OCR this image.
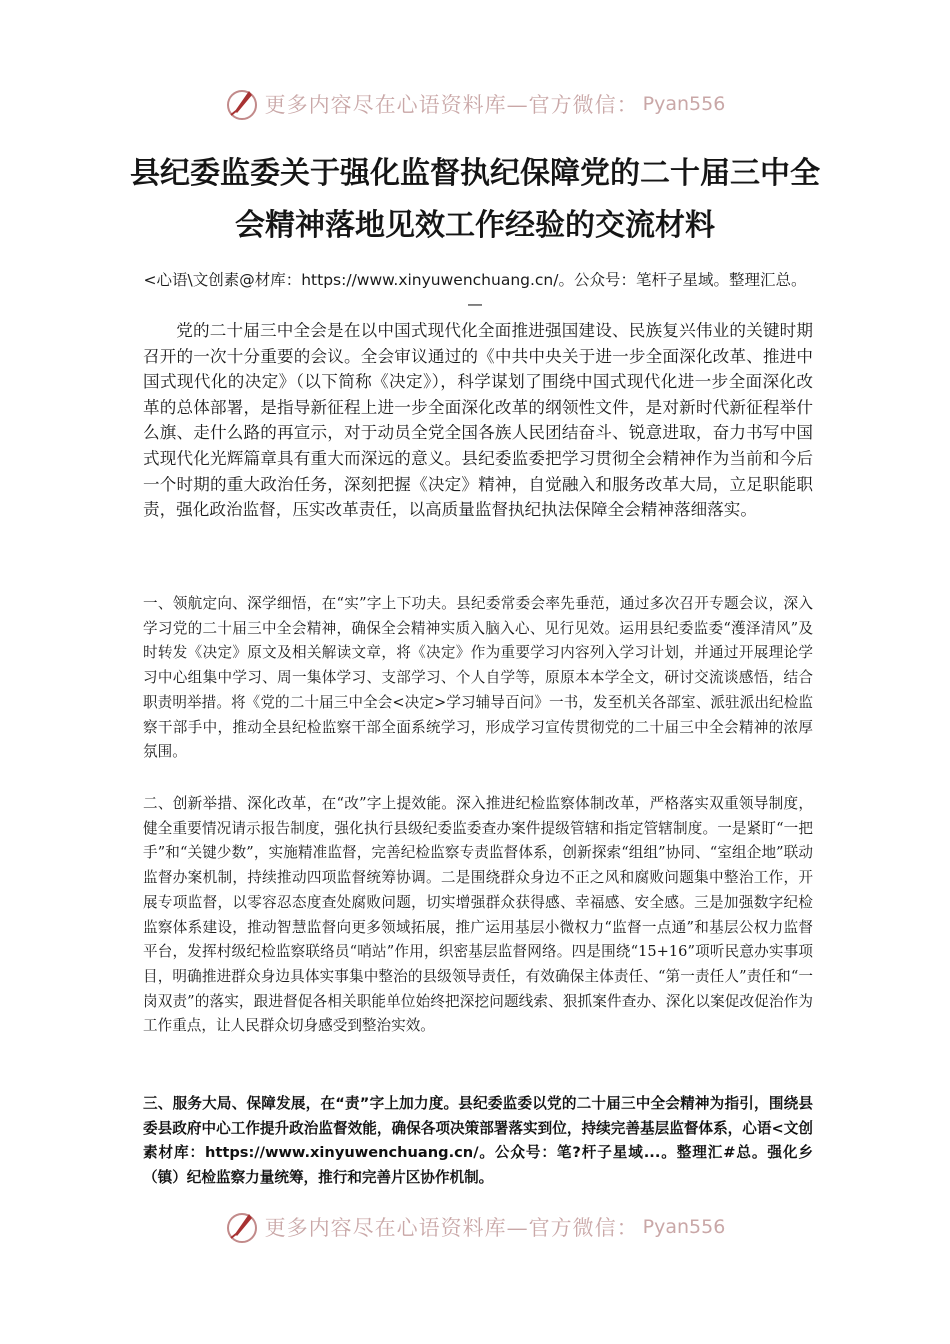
更多内容尽在心语资料库—官方微信： Pyan556
县纪委监委关于强化监督执纪保障党的二十届三中全会精神落地见效工作经验的交流材料
<心语\文创素@材库：https://www.xinyuwenchuang.cn/。公众号：笔杆子星域。整理汇总。—

党的二十届三中全会是在以中国式现代化全面推进强国建设、民族复兴伟业的关键时期召开的一次十分重要的会议。全会审议通过的《中共中央关于进一步全面深化改革、推进中国式现代化的决定》（以下简称《决定》），科学谋划了围绕中国式现代化进一步全面深化改革的总体部署，是指导新征程上进一步全面深化改革的纲领性文件，是对新时代新征程举什么旗、走什么路的再宣示，对于动员全党全国各族人民团结奋斗、锐意进取，奋力书写中国式现代化光辉篇章具有重大而深远的意义。县纪委监委把学习贯彻全会精神作为当前和今后一个时期的重大政治任务，深刻把握《决定》精神，自觉融入和服务改革大局，立足职能职责，强化政治监督，压实改革责任，以高质量监督执纪执法保障全会精神落细落实。

一、领航定向、深学细悟，在“实”字上下功夫。县纪委常委会率先垂范，通过多次召开专题会议，深入学习党的二十届三中全会精神，确保全会精神实质入脑入心、见行见效。运用县纪委监委“濩泽清风”及时转发《决定》原文及相关解读文章，将《决定》作为重要学习内容列入学习计划，并通过开展理论学习中心组集中学习、周一集体学习、支部学习、个人自学等，原原本本学全文，研讨交流谈感悟，结合职责明举措。将《党的二十届三中全会<决定>学习辅导百问》一书，发至机关各部室、派驻派出纪检监察干部手中，推动全县纪检监察干部全面系统学习，形成学习宣传贯彻党的二十届三中全会精神的浓厚氛围。

二、创新举措、深化改革，在“改”字上提效能。深入推进纪检监察体制改革，严格落实双重领导制度，健全重要情况请示报告制度，强化执行县级纪委监委查办案件提级管辖和指定管辖制度。一是紧盯“一把手”和“关键少数”，实施精准监督，完善纪检监察专责监督体系，创新探索“组组”协同、“室组企地”联动监督办案机制，持续推动四项监督统筹协调。二是围绕群众身边不正之风和腐败问题集中整治工作，开展专项监督，以零容忍态度查处腐败问题，切实增强群众获得感、幸福感、安全感。三是加强数字纪检监察体系建设，推动智慧监督向更多领域拓展，推广运用基层小微权力“监督一点通”和基层公权力监督平台，发挥村级纪检监察联络员“哨站”作用，织密基层监督网络。四是围绕“15+16”项听民意办实事项目，明确推进群众身边具体实事集中整治的县级领导责任，有效确保主体责任、“第一责任人”责任和“一岗双责”的落实，跟进督促各相关职能单位始终把深挖问题线索、狠抓案件查办、深化以案促改促治作为工作重点，让人民群众切身感受到整治实效。

三、服务大局、保障发展，在“责”字上加力度。县纪委监委以党的二十届三中全会精神为指引，围绕县委县政府中心工作提升政治监督效能，确保各项决策部署落实到位，持续完善基层监督体系，心语<文创素材库：https://www.xinyuwenchuang.cn/。公众号：笔?杆子星域...。整理汇#总。强化乡（镇）纪检监察力量统筹，推行和完善片区协作机制。

更多内容尽在心语资料库—官方微信： Pyan556
